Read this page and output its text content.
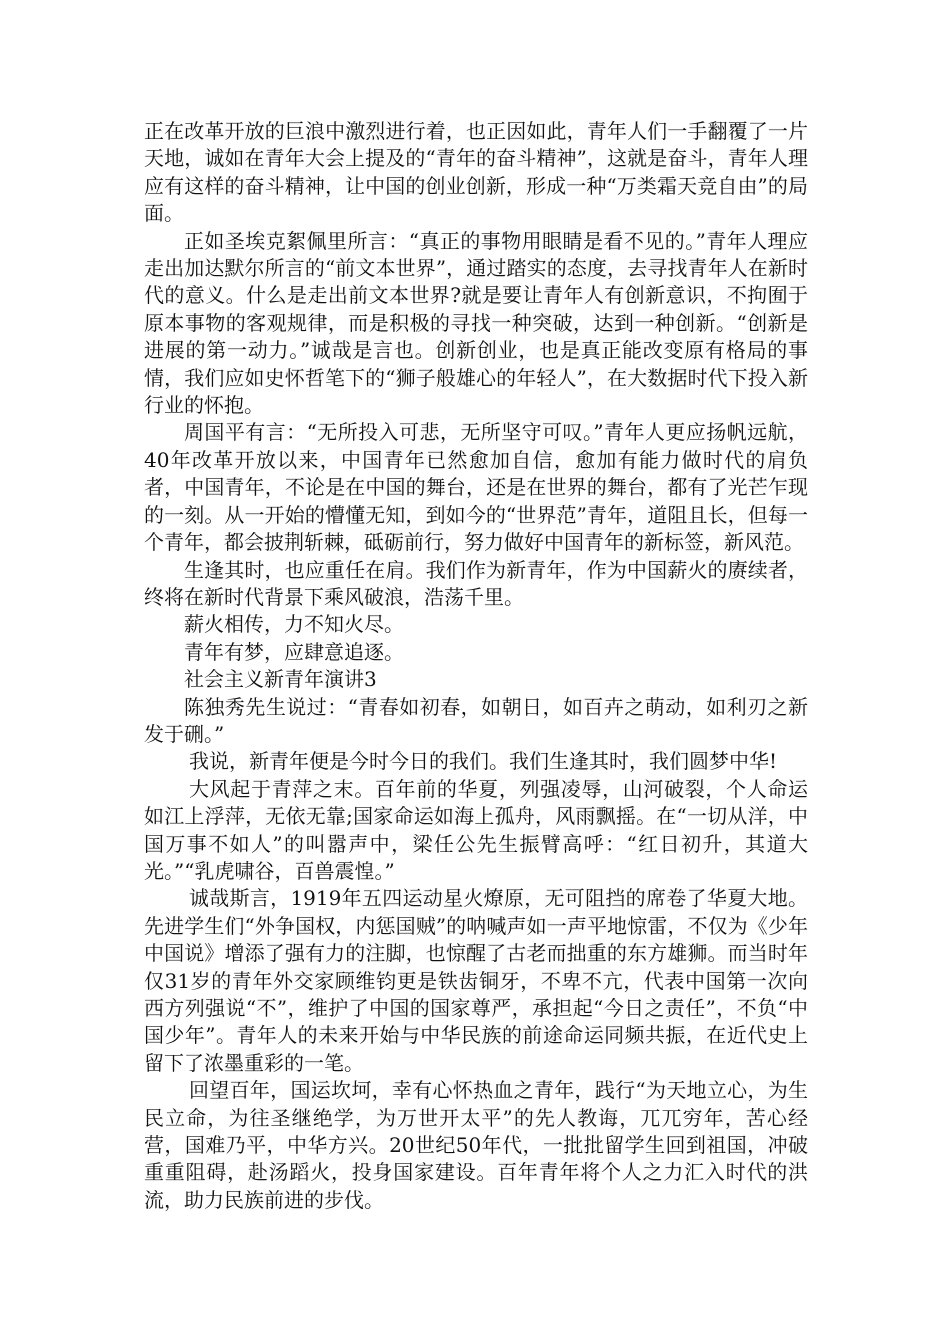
正在改革开放的巨浪中激烈进行着，也正因如此，青年人们一手翻覆了一片天地，诚如在青年大会上提及的“青年的奋斗精神”，这就是奋斗，青年人理应有这样的奋斗精神，让中国的创业创新，形成一种“万类霜天竞自由”的局面。

正如圣埃克絮佩里所言：“真正的事物用眼睛是看不见的。”青年人理应走出加达默尔所言的“前文本世界”，通过踏实的态度，去寻找青年人在新时代的意义。什么是走出前文本世界?就是要让青年人有创新意识，不拘囿于原本事物的客观规律，而是积极的寻找一种突破，达到一种创新。“创新是进展的第一动力。”诚哉是言也。创新创业，也是真正能改变原有格局的事情，我们应如史怀哲笔下的“狮子般雄心的年轻人”，在大数据时代下投入新行业的怀抱。

周国平有言：“无所投入可悲，无所坚守可叹。”青年人更应扬帆远航，40年改革开放以来，中国青年已然愈加自信，愈加有能力做时代的肩负者，中国青年，不论是在中国的舞台，还是在世界的舞台，都有了光芒乍现的一刻。从一开始的懵懂无知，到如今的“世界范”青年，道阻且长，但每一个青年，都会披荆斩棘，砥砺前行，努力做好中国青年的新标签，新风范。

生逢其时，也应重任在肩。我们作为新青年，作为中国薪火的赓续者，终将在新时代背景下乘风破浪，浩荡千里。

薪火相传，力不知火尽。

青年有梦，应肆意追逐。

社会主义新青年演讲3

陈独秀先生说过：“青春如初春，如朝日，如百卉之萌动，如利刃之新发于硎。”

我说，新青年便是今时今日的我们。我们生逢其时，我们圆梦中华!

大风起于青萍之末。百年前的华夏，列强凌辱，山河破裂，个人命运如江上浮萍，无依无靠;国家命运如海上孤舟，风雨飘摇。在“一切从洋，中国万事不如人”的叫嚣声中，梁任公先生振臂高呼：“红日初升，其道大光。”“乳虎啸谷，百兽震惶。”

诚哉斯言，1919年五四运动星火燎原，无可阻挡的席卷了华夏大地。先进学生们“外争国权，内惩国贼”的呐喊声如一声平地惊雷，不仅为《少年中国说》增添了强有力的注脚，也惊醒了古老而拙重的东方雄狮。而当时年仅31岁的青年外交家顾维钧更是铁齿铜牙，不卑不亢，代表中国第一次向西方列强说“不”，维护了中国的国家尊严，承担起“今日之责任”，不负“中国少年”。青年人的未来开始与中华民族的前途命运同频共振，在近代史上留下了浓墨重彩的一笔。

回望百年，国运坎坷，幸有心怀热血之青年，践行“为天地立心，为生民立命，为往圣继绝学，为万世开太平”的先人教诲，兀兀穷年，苦心经营，国难乃平，中华方兴。20世纪50年代，一批批留学生回到祖国，冲破重重阻碍，赴汤蹈火，投身国家建设。百年青年将个人之力汇入时代的洪流，助力民族前进的步伐。
